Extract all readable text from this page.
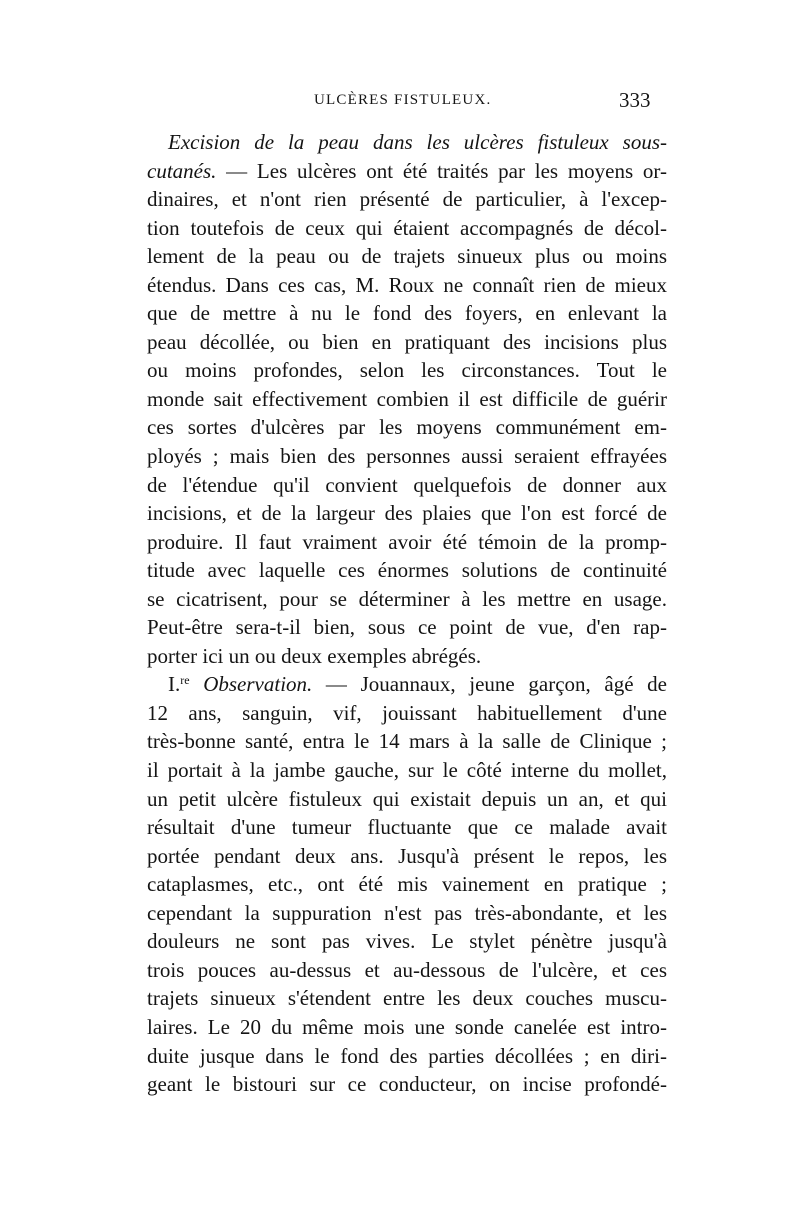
ULCÈRES FISTULEUX.	333
Excision de la peau dans les ulcères fistuleux sous-
cutanés. — Les ulcères ont été traités par les moyens or-
dinaires, et n'ont rien présenté de particulier, à l'excep-
tion toutefois de ceux qui étaient accompagnés de décol-
lement de la peau ou de trajets sinueux plus ou moins
étendus. Dans ces cas, M. Roux ne connaît rien de mieux
que de mettre à nu le fond des foyers, en enlevant la
peau décollée, ou bien en pratiquant des incisions plus
ou moins profondes, selon les circonstances. Tout le
monde sait effectivement combien il est difficile de guérir
ces sortes d'ulcères par les moyens communément em-
ployés ; mais bien des personnes aussi seraient effrayées
de l'étendue qu'il convient quelquefois de donner aux
incisions, et de la largeur des plaies que l'on est forcé de
produire. Il faut vraiment avoir été témoin de la promp-
titude avec laquelle ces énormes solutions de continuité
se cicatrisent, pour se déterminer à les mettre en usage.
Peut-être sera-t-il bien, sous ce point de vue, d'en rap-
porter ici un ou deux exemples abrégés.
I.$^{re}$ Observation. — Jouannaux, jeune garçon, âgé de
12 ans, sanguin, vif, jouissant habituellement d'une
très-bonne santé, entra le 14 mars à la salle de Clinique ;
il portait à la jambe gauche, sur le côté interne du mollet,
un petit ulcère fistuleux qui existait depuis un an, et qui
résultait d'une tumeur fluctuante que ce malade avait
portée pendant deux ans. Jusqu'à présent le repos, les
cataplasmes, etc., ont été mis vainement en pratique ;
cependant la suppuration n'est pas très-abondante, et les
douleurs ne sont pas vives. Le stylet pénètre jusqu'à
trois pouces au-dessus et au-dessous de l'ulcère, et ces
trajets sinueux s'étendent entre les deux couches muscu-
laires. Le 20 du même mois une sonde canelée est intro-
duite jusque dans le fond des parties décollées ; en diri-
geant le bistouri sur ce conducteur, on incise profondé-
